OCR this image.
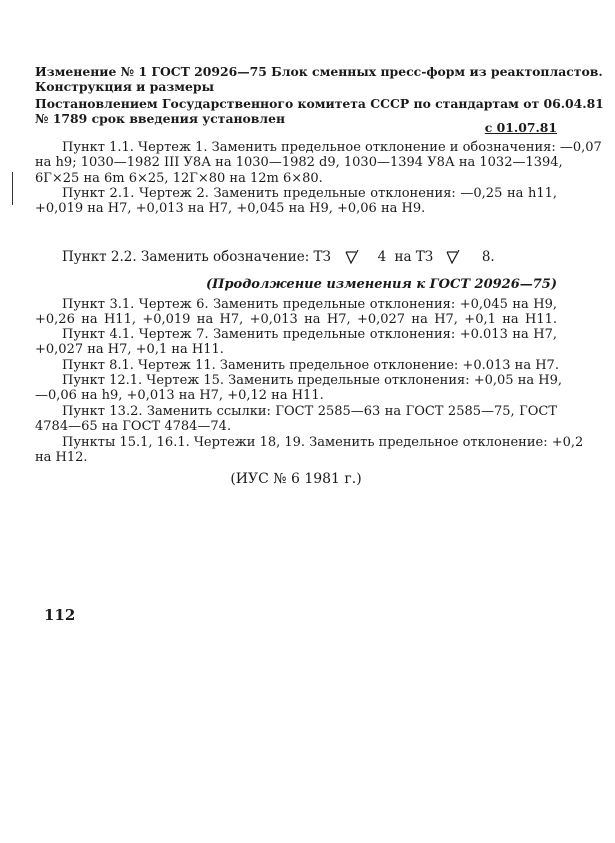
Изменение № 1 ГОСТ 20926—75 Блок сменных пресс-форм из реактопластов.
Конструкция и размеры
Постановлением Государственного комитета СССР по стандартам от 06.04.81
№ 1789 срок введения установлен
с 01.07.81
Пункт 1.1. Чертеж 1. Заменить предельное отклонение и обозначения: —0,07
на h9; 1030—1982 III У8А на 1030—1982 d9, 1030—1394 У8А на 1032—1394,
6Г×25 на 6m 6×25, 12Г×80 на 12m 6×80.
Пункт 2.1. Чертеж 2. Заменить предельные отклонения: —0,25 на h11,
+0,019 на Н7, +0,013 на Н7, +0,045 на Н9, +0,06 на Н9.
Пункт 2.2. Заменить обозначение: ТЗ	4 на ТЗ	8.
(Продолжение изменения к ГОСТ 20926—75)
Пункт 3.1. Чертеж 6. Заменить предельные отклонения: +0,045 на Н9,
+0,26 на Н11, +0,019 на Н7, +0,013 на Н7, +0,027 на Н7, +0,1 на Н11.
Пункт 4.1. Чертеж 7. Заменить предельные отклонения: +0.013 на Н7,
+0,027 на Н7, +0,1 на Н11.
Пункт 8.1. Чертеж 11. Заменить предельное отклонение: +0.013 на Н7.
Пункт 12.1. Чертеж 15. Заменить предельные отклонения: +0,05 на Н9,
—0,06 на h9, +0,013 на Н7, +0,12 на Н11.
Пункт 13.2. Заменить ссылки: ГОСТ 2585—63 на ГОСТ 2585—75, ГОСТ
4784—65 на ГОСТ 4784—74.
Пункты 15.1, 16.1. Чертежи 18, 19. Заменить предельное отклонение: +0,2
на Н12.
(ИУС № 6 1981 г.)
112
